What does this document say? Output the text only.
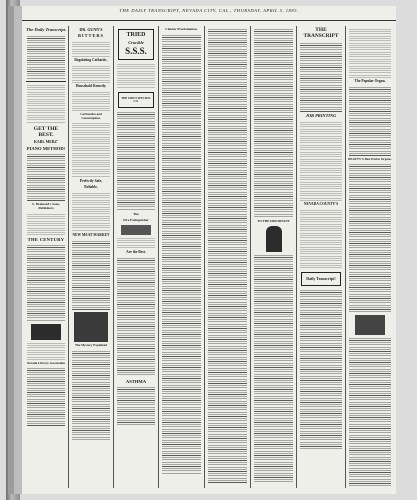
THE DAILY TRANSCRIPT, NEVADA CITY, CAL., THURSDAY, APRIL 5, 1883.
The Daily Transcript.
GET THE BEST.
KARL MERZ'
PIANO METHOD!
S. Brainard's Sons, Publishers
THE CENTURY
Nevada Library Association
DR. GUNN'S
BITTERS
Regulating Cathartic,
Household Remedy.
Carbuncles and Consumption.
Perfectly Safe,
Reliable,
NEW MEAT MARKET
The Mystery Explained
TRIED
Crucible
S.S.S.
THE SWIFT SPECIFIC CO.
The
Fire Extinguisher
Are the Best.
ASTHMA
Chester Proclamation.
TO THE IMPORTANT
THE TRANSCRIPT
JOB PRINTING
NEVADA COUNTY'S
Daily Transcript!
The Popular Organ.
BEATTY'S Best Parlor Organs.
